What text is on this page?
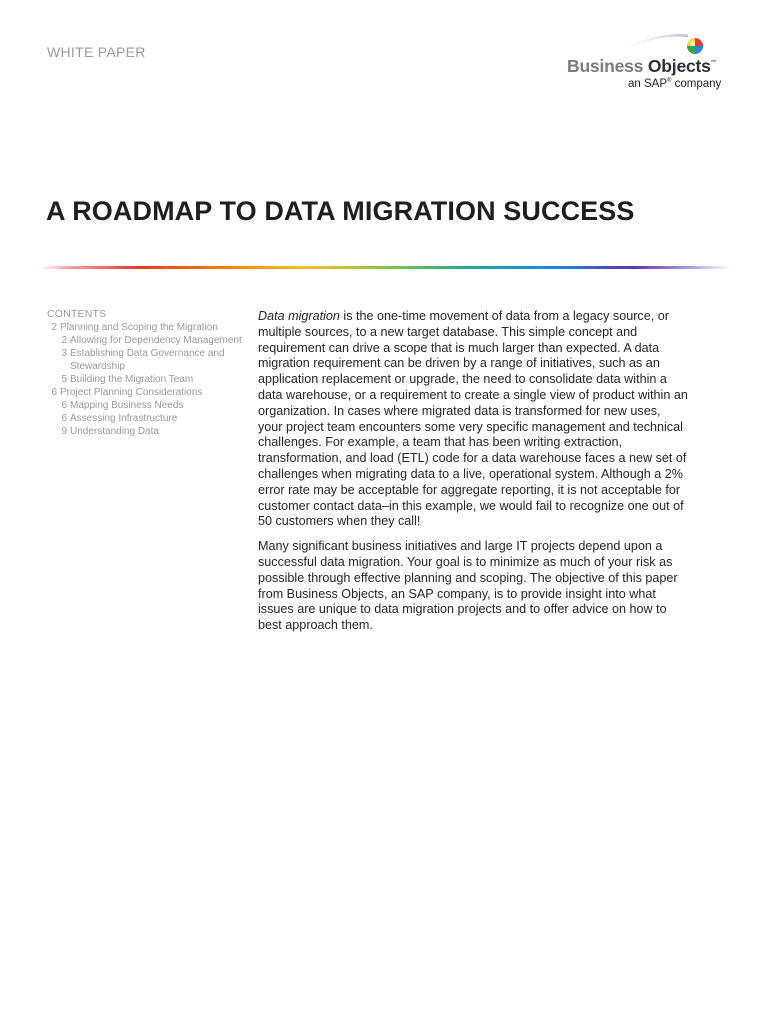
WHITE PAPER
Business Objects™
an SAP® company
A ROADMAP TO DATA MIGRATION SUCCESS
CONTENTS
2 Planning and Scoping the Migration
2 Allowing for Dependency Management
3 Establishing Data Governance and Stewardship
5 Building the Migration Team
6 Project Planning Considerations
6 Mapping Business Needs
6 Assessing Infrastructure
9 Understanding Data

Data migration is the one-time movement of data from a legacy source, or multiple sources, to a new target database. This simple concept and requirement can drive a scope that is much larger than expected. A data migration requirement can be driven by a range of initiatives, such as an application replacement or upgrade, the need to consolidate data within a data warehouse, or a requirement to create a single view of product within an organization. In cases where migrated data is transformed for new uses, your project team encounters some very specific management and technical challenges. For example, a team that has been writing extraction, transformation, and load (ETL) code for a data warehouse faces a new set of challenges when migrating data to a live, operational system. Although a 2% error rate may be acceptable for aggregate reporting, it is not acceptable for customer contact data–in this example, we would fail to recognize one out of 50 customers when they call!

Many significant business initiatives and large IT projects depend upon a successful data migration. Your goal is to minimize as much of your risk as possible through effective planning and scoping. The objective of this paper from Business Objects, an SAP company, is to provide insight into what issues are unique to data migration projects and to offer advice on how to best approach them.
